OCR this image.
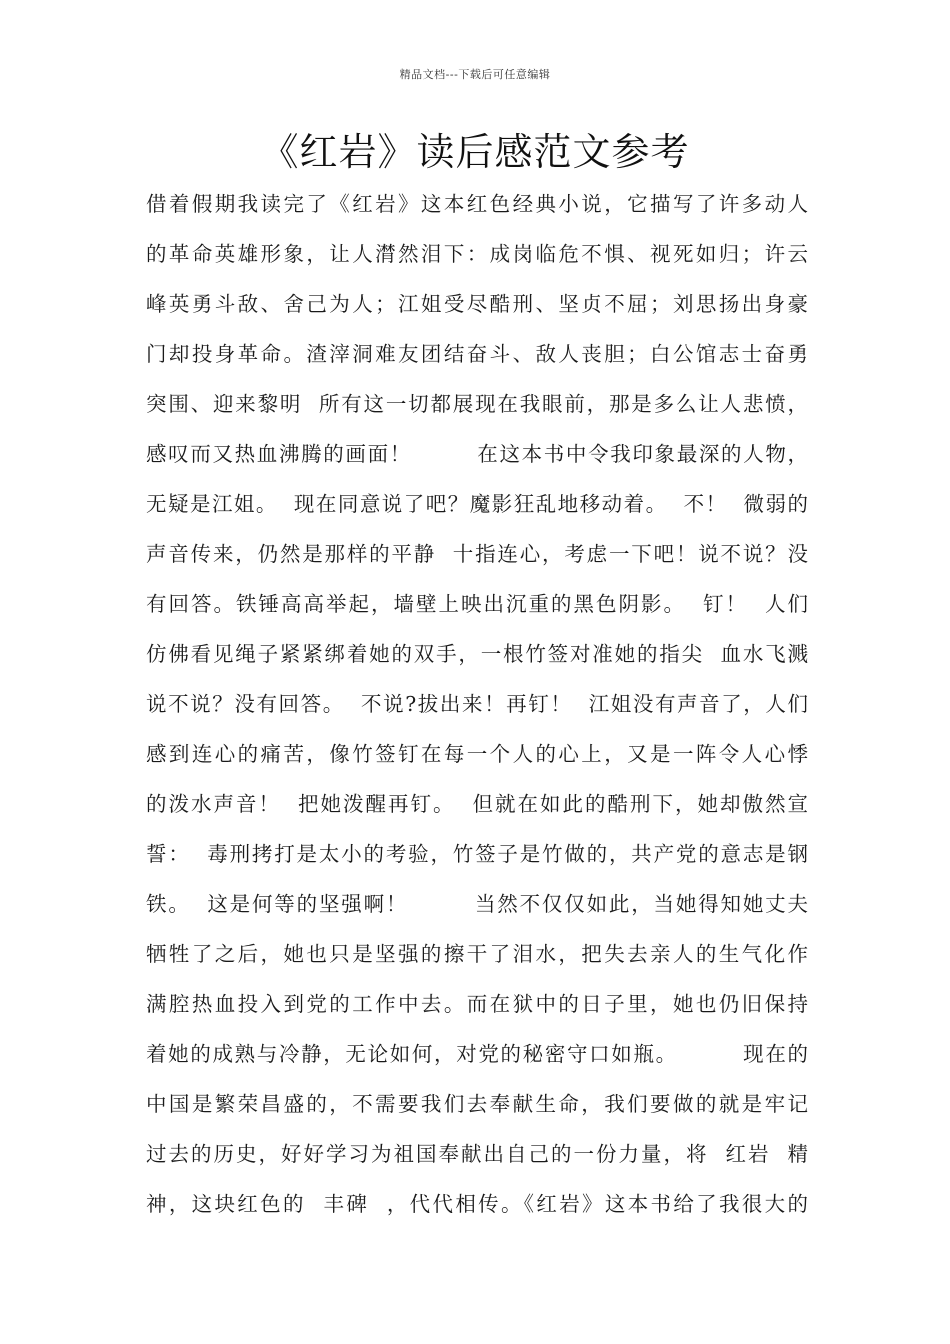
精品文档---下载后可任意编辑
《红岩》读后感范文参考
借着假期我读完了《红岩》这本红色经典小说，它描写了许多动人
的革命英雄形象，让人潸然泪下：成岗临危不惧、视死如归；许云
峰英勇斗敌、舍己为人；江姐受尽酷刑、坚贞不屈；刘思扬出身豪
门却投身革命。渣滓洞难友团结奋斗、敌人丧胆；白公馆志士奋勇
突围、迎来黎明  所有这一切都展现在我眼前，那是多么让人悲愤，
感叹而又热血沸腾的画面！        在这本书中令我印象最深的人物，
无疑是江姐。  现在同意说了吧？魔影狂乱地移动着。  不！  微弱的
声音传来，仍然是那样的平静  十指连心，考虑一下吧！说不说？没
有回答。铁锤高高举起，墙壁上映出沉重的黑色阴影。  钉！  人们
仿佛看见绳子紧紧绑着她的双手，一根竹签对准她的指尖  血水飞溅
说不说？没有回答。  不说?拔出来！再钉！  江姐没有声音了，人们
感到连心的痛苦，像竹签钉在每一个人的心上，又是一阵令人心悸
的泼水声音！  把她泼醒再钉。  但就在如此的酷刑下，她却傲然宣
誓：  毒刑拷打是太小的考验，竹签子是竹做的，共产党的意志是钢
铁。  这是何等的坚强啊！        当然不仅仅如此，当她得知她丈夫
牺牲了之后，她也只是坚强的擦干了泪水，把失去亲人的生气化作
满腔热血投入到党的工作中去。而在狱中的日子里，她也仍旧保持
着她的成熟与冷静，无论如何，对党的秘密守口如瓶。        现在的
中国是繁荣昌盛的，不需要我们去奉献生命，我们要做的就是牢记
过去的历史，好好学习为祖国奉献出自己的一份力量，将  红岩  精
神，这块红色的  丰碑  ，代代相传。《红岩》这本书给了我很大的
